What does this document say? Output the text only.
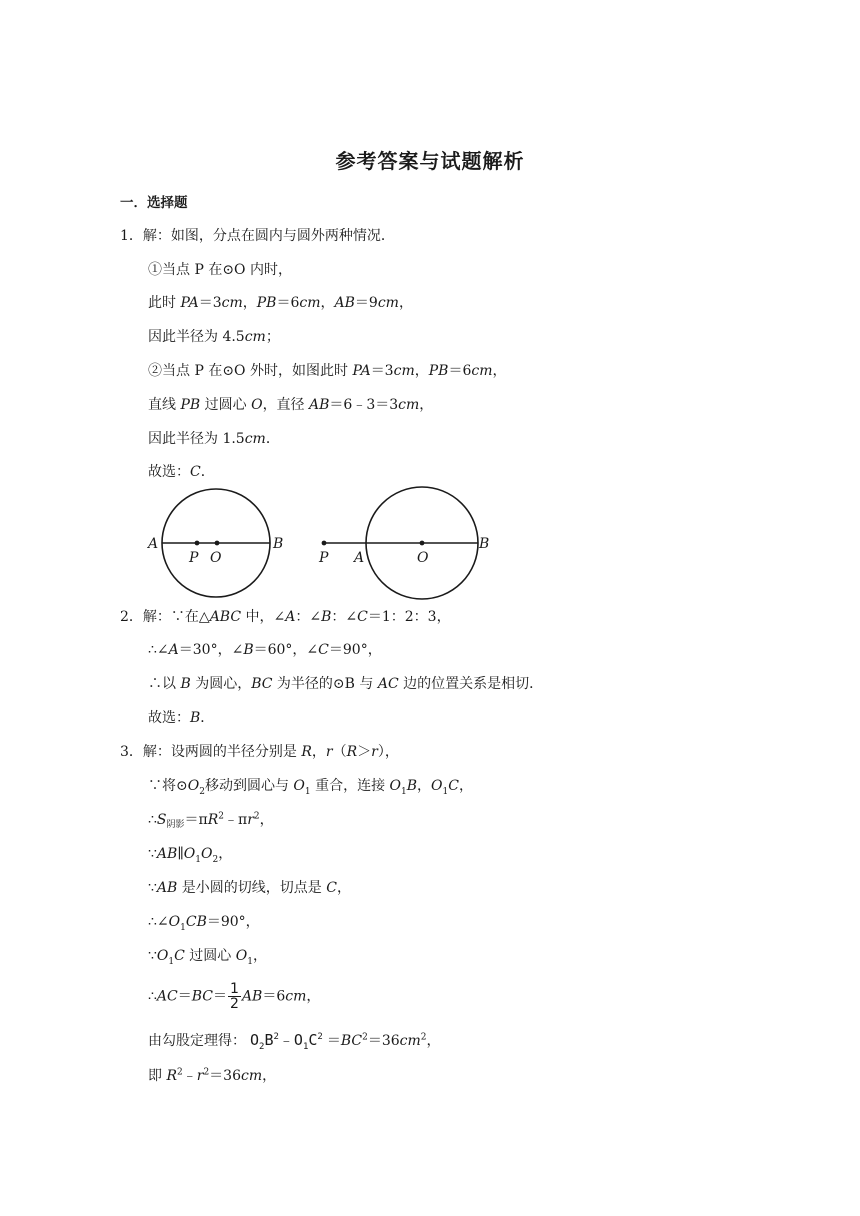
参考答案与试题解析
一．选择题
1．解：如图，分点在圆内与圆外两种情况．
①当点 P 在⊙O 内时，
此时 PA＝3cm，PB＝6cm，AB＝9cm，
因此半径为 4.5cm；
②当点 P 在⊙O 外时，如图此时 PA＝3cm，PB＝6cm，
直线 PB 过圆心 O，直径 AB＝6﹣3＝3cm，
因此半径为 1.5cm．
故选：C．
A
P O
B
P A	O
B
2．解：∵在△ABC 中，∠A：∠B：∠C＝1：2：3，
∴∠A＝30°，∠B＝60°，∠C＝90°，
∴以 B 为圆心，BC 为半径的⊙B 与 AC 边的位置关系是相切．
故选：B．
3．解：设两圆的半径分别是 R，r（R＞r），
∵将$⊙O_2$移动到圆心与 $O_1$ 重合，连接 $O_1B$，$O_1C$，
$\therefore S_{阴影}=\pi R^2﹣\pi r^2$，
$\because AB\parallel O_1O_2$，
∵AB 是小圆的切线，切点是 C，
$\therefore\angle O_1CB=90^\circ$，
$\because O_1C$ 过圆心 $O_1$，
∴AC＝BC＝ $\frac{1}{2} AB=6cm$，
由勾股定理得： $O_2B^2﹣O_1C^2 =BC^2=36cm^2$，
即 $R^2﹣r^2=36cm$，
